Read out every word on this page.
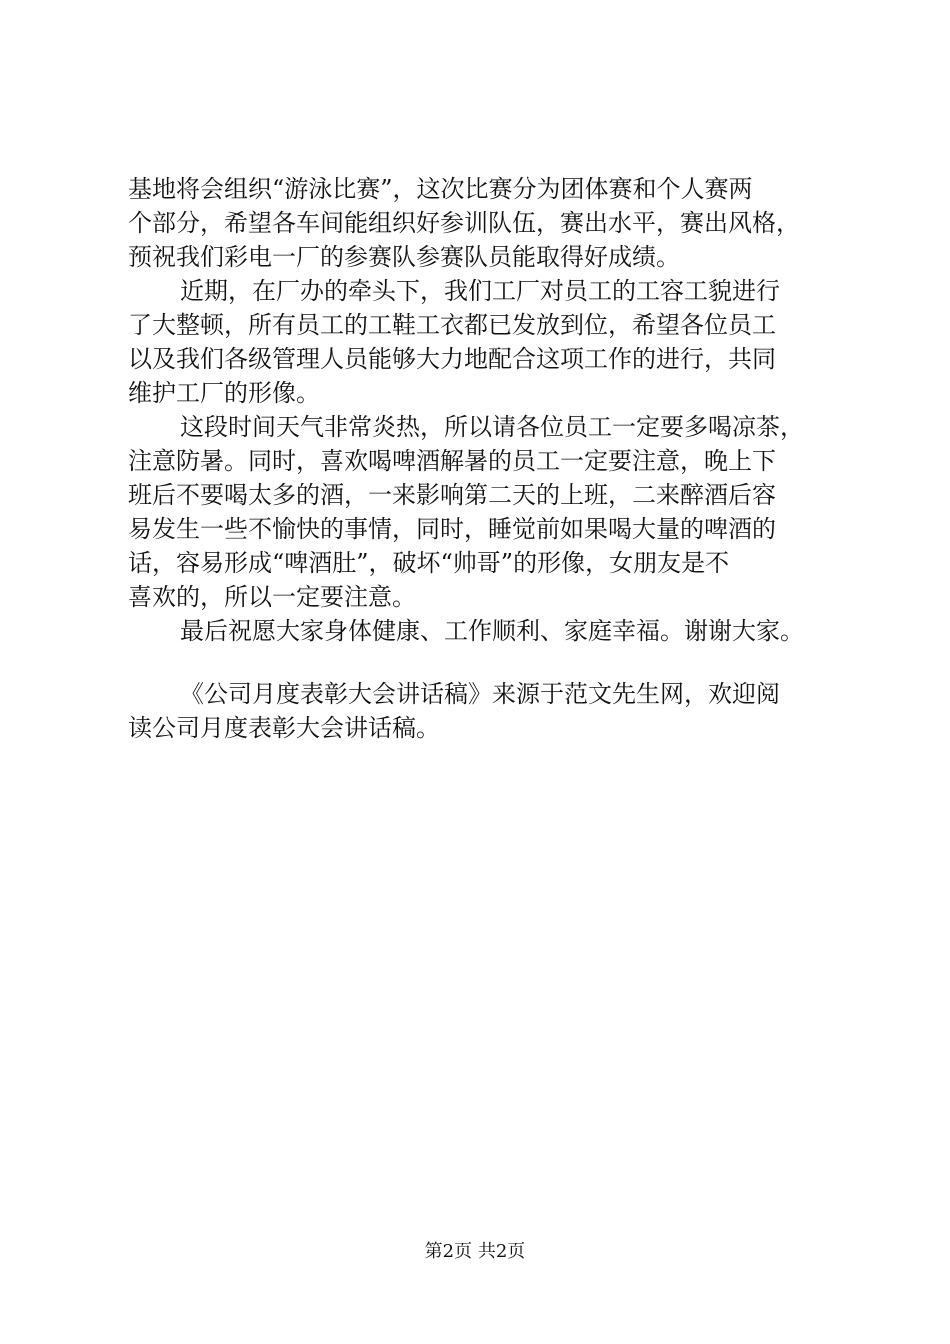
基地将会组织“游泳比赛”，这次比赛分为团体赛和个人赛两
个部分，希望各车间能组织好参训队伍，赛出水平，赛出风格，
预祝我们彩电一厂的参赛队参赛队员能取得好成绩。
近期，在厂办的牵头下，我们工厂对员工的工容工貌进行
了大整顿，所有员工的工鞋工衣都已发放到位，希望各位员工
以及我们各级管理人员能够大力地配合这项工作的进行，共同
维护工厂的形像。
这段时间天气非常炎热，所以请各位员工一定要多喝凉茶，
注意防暑。同时，喜欢喝啤酒解暑的员工一定要注意，晚上下
班后不要喝太多的酒，一来影响第二天的上班，二来醉酒后容
易发生一些不愉快的事情，同时，睡觉前如果喝大量的啤酒的
话，容易形成“啤酒肚”，破坏“帅哥”的形像，女朋友是不
喜欢的，所以一定要注意。
最后祝愿大家身体健康、工作顺利、家庭幸福。谢谢大家。
《公司月度表彰大会讲话稿》来源于范文先生网，欢迎阅
读公司月度表彰大会讲话稿。
第2页 共2页
